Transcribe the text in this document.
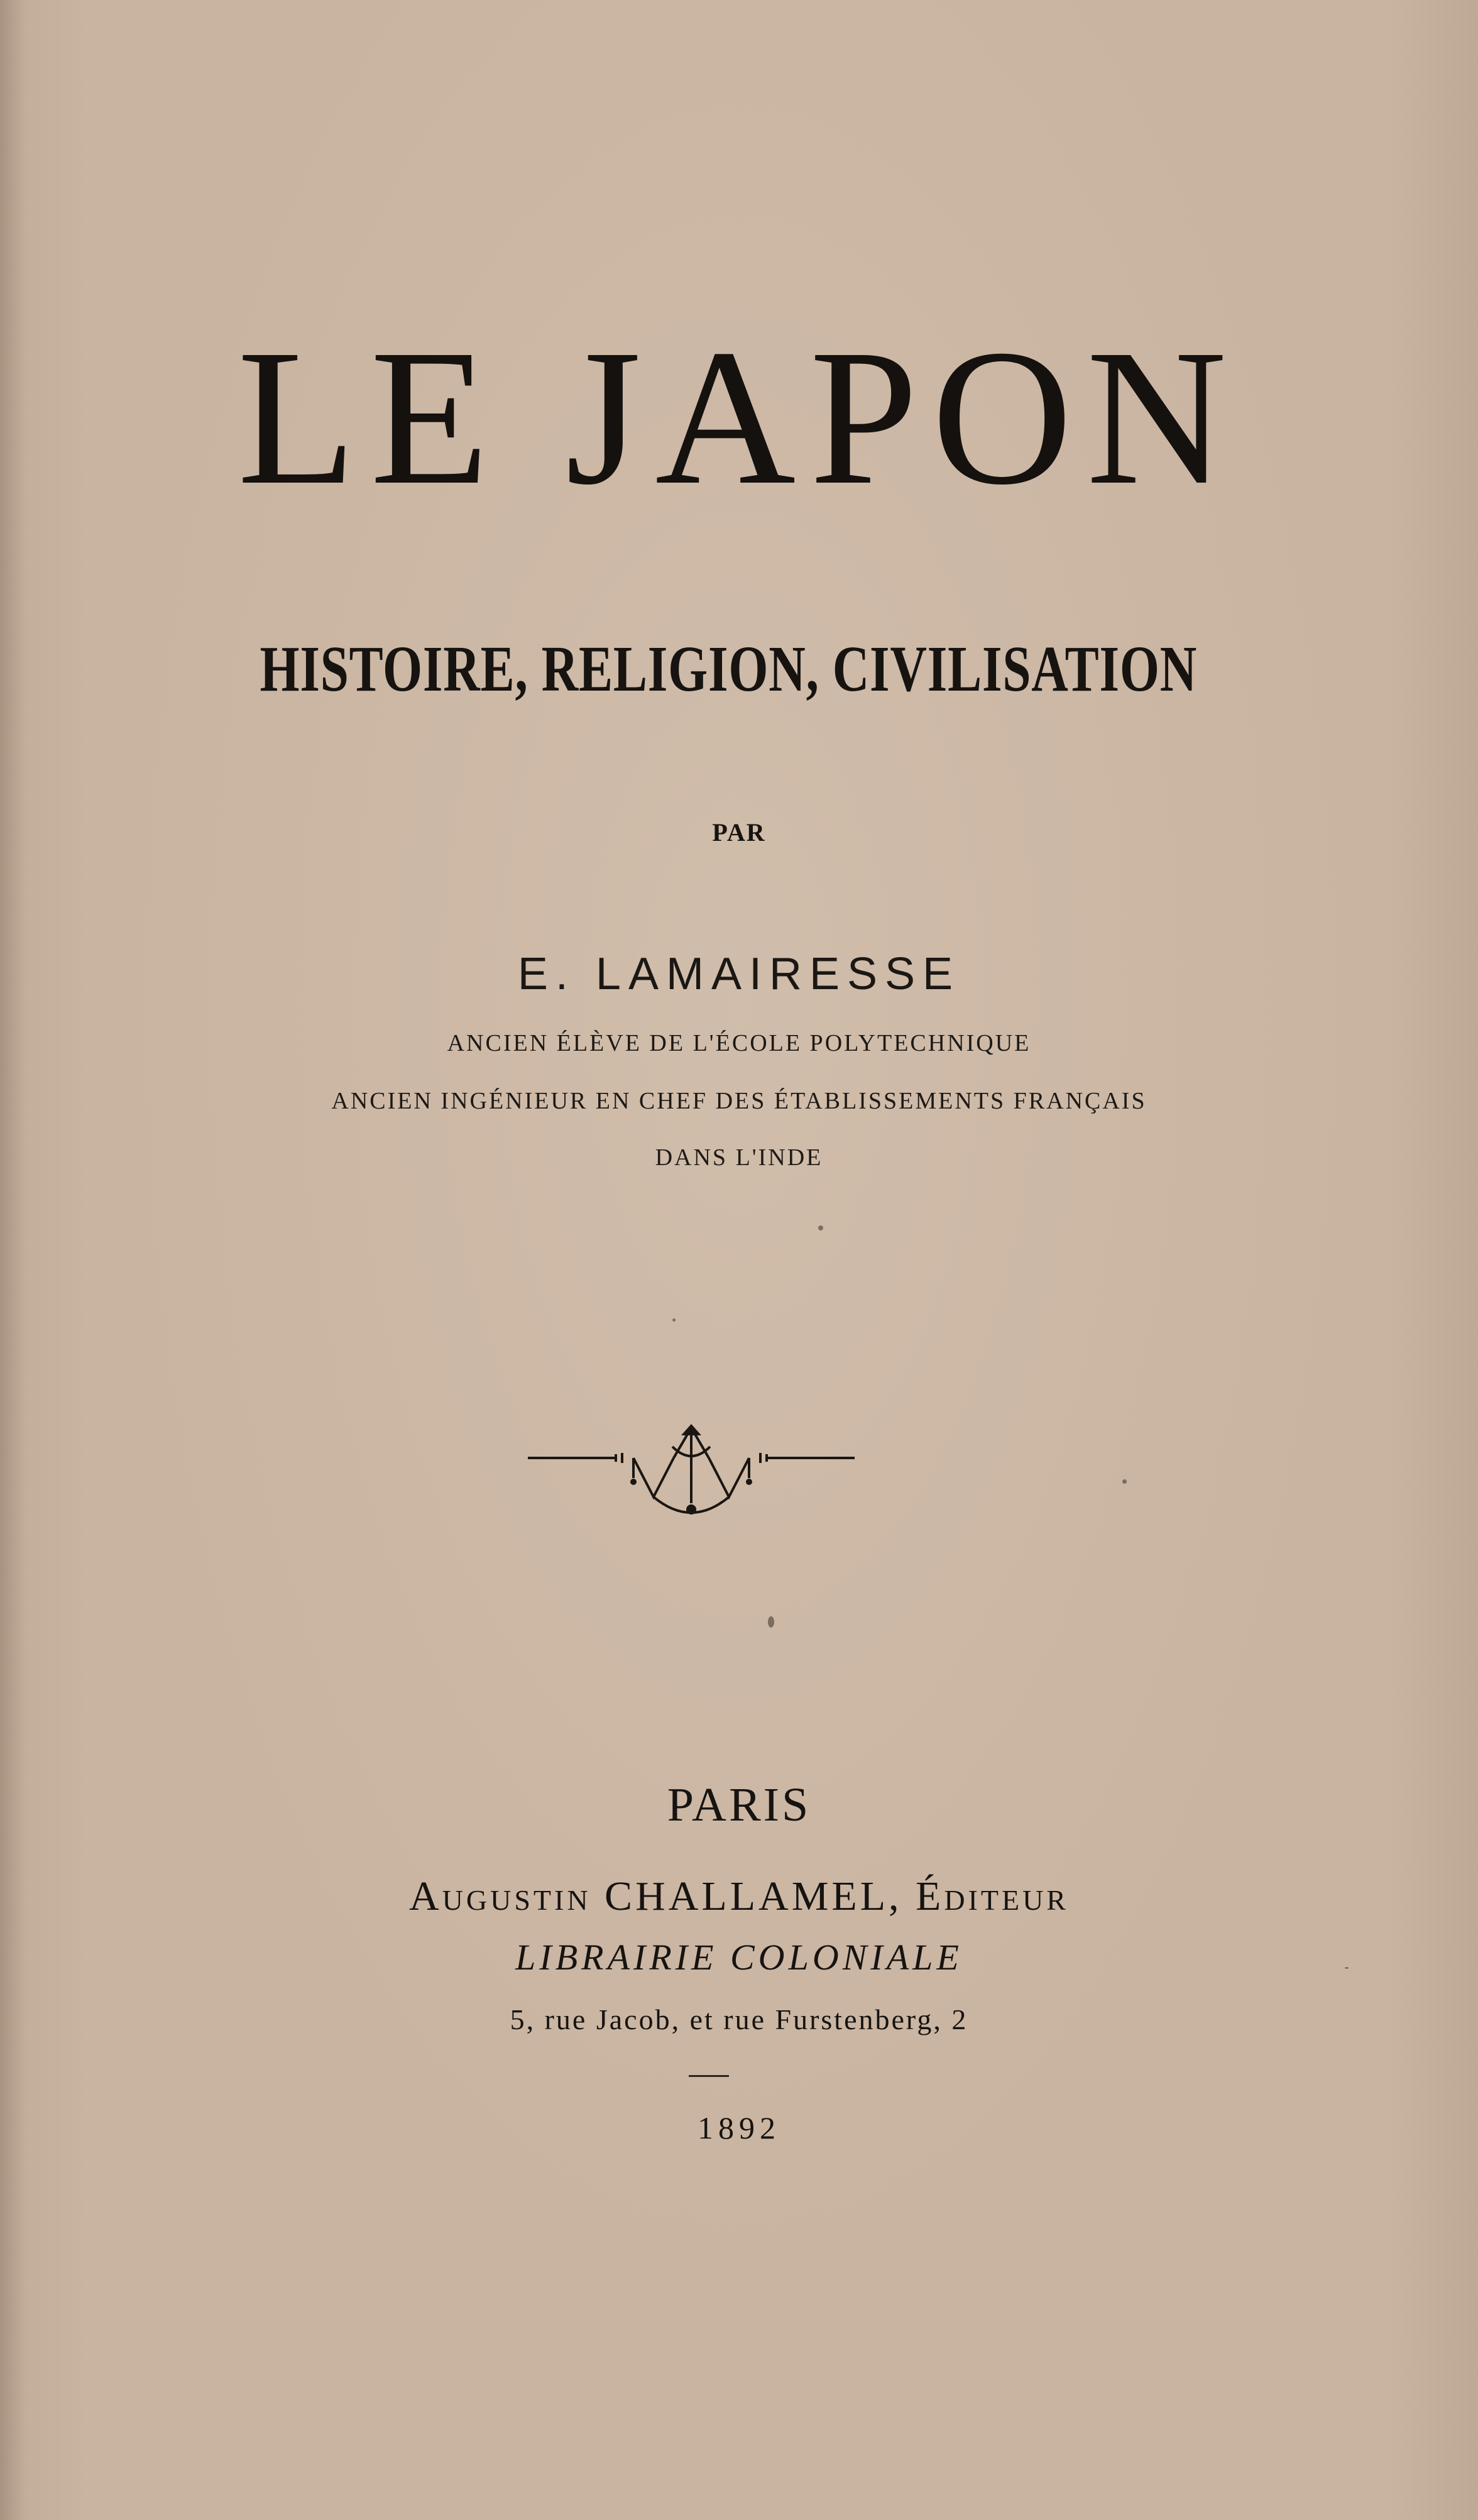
LE JAPON
HISTOIRE, RELIGION, CIVILISATION
PAR
E. LAMAIRESSE
ANCIEN ÉLÈVE DE L'ÉCOLE POLYTECHNIQUE
ANCIEN INGÉNIEUR EN CHEF DES ÉTABLISSEMENTS FRANÇAIS
DANS L'INDE
PARIS
Augustin CHALLAMEL, Éditeur
LIBRAIRIE COLONIALE
5, rue Jacob, et rue Furstenberg, 2
1892
